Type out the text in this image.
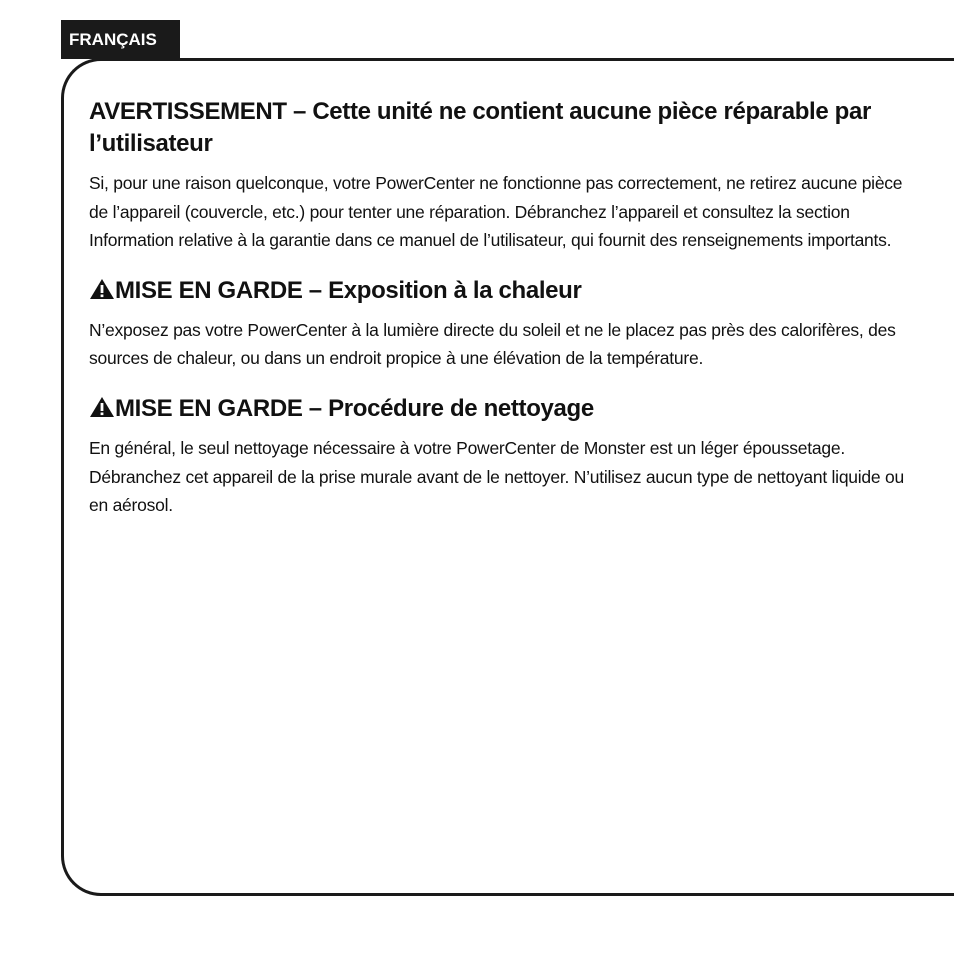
FRANÇAIS
AVERTISSEMENT – Cette unité ne contient aucune pièce réparable par l’utilisateur

Si, pour une raison quelconque, votre PowerCenter ne fonctionne pas correctement, ne retirez aucune pièce de l’appareil (couvercle, etc.) pour tenter une réparation. Débranchez l’appareil et consultez la section Information relative à la garantie dans ce manuel de l’utilisateur, qui fournit des renseignements importants.

MISE EN GARDE – Exposition à la chaleur

N’exposez pas votre PowerCenter à la lumière directe du soleil et ne le placez pas près des calorifères, des sources de chaleur, ou dans un endroit propice à une élévation de la température.

MISE EN GARDE – Procédure de nettoyage

En général, le seul nettoyage nécessaire à votre PowerCenter de Monster est un léger époussetage. Débranchez cet appareil de la prise murale avant de le nettoyer. N’utilisez aucun type de nettoyant liquide ou en aérosol.
